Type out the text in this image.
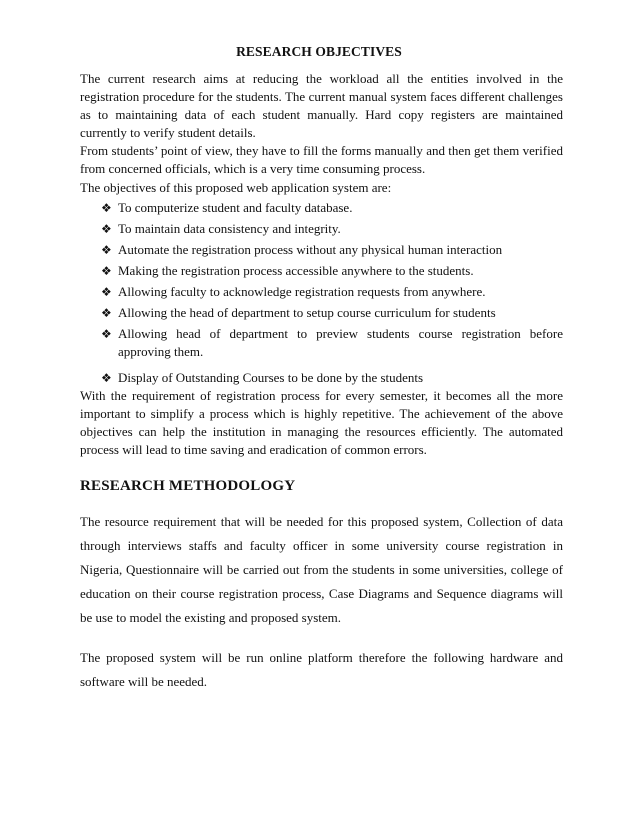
RESEARCH OBJECTIVES
The current research aims at reducing the workload all the entities involved in the registration procedure for the students. The current manual system faces different challenges as to maintaining data of each student manually. Hard copy registers are maintained currently to verify student details.
From students’ point of view, they have to fill the forms manually and then get them verified from concerned officials, which is a very time consuming process.
The objectives of this proposed web application system are:
❖ To computerize student and faculty database.
❖ To maintain data consistency and integrity.
❖ Automate the registration process without any physical human interaction
❖ Making the registration process accessible anywhere to the students.
❖ Allowing faculty to acknowledge registration requests from anywhere.
❖ Allowing the head of department to setup course curriculum for students
❖ Allowing head of department to preview students course registration before approving them.
❖ Display of Outstanding Courses to be done by the students
With the requirement of registration process for every semester, it becomes all the more important to simplify a process which is highly repetitive. The achievement of the above objectives can help the institution in managing the resources efficiently. The automated process will lead to time saving and eradication of common errors.
RESEARCH METHODOLOGY
The resource requirement that will be needed for this proposed system, Collection of data through interviews staffs and faculty officer in some university course registration in Nigeria, Questionnaire will be carried out from the students in some universities, college of education on their course registration process, Case Diagrams and Sequence diagrams will be use to model the existing and proposed system.
The proposed system will be run online platform therefore the following hardware and software will be needed.
